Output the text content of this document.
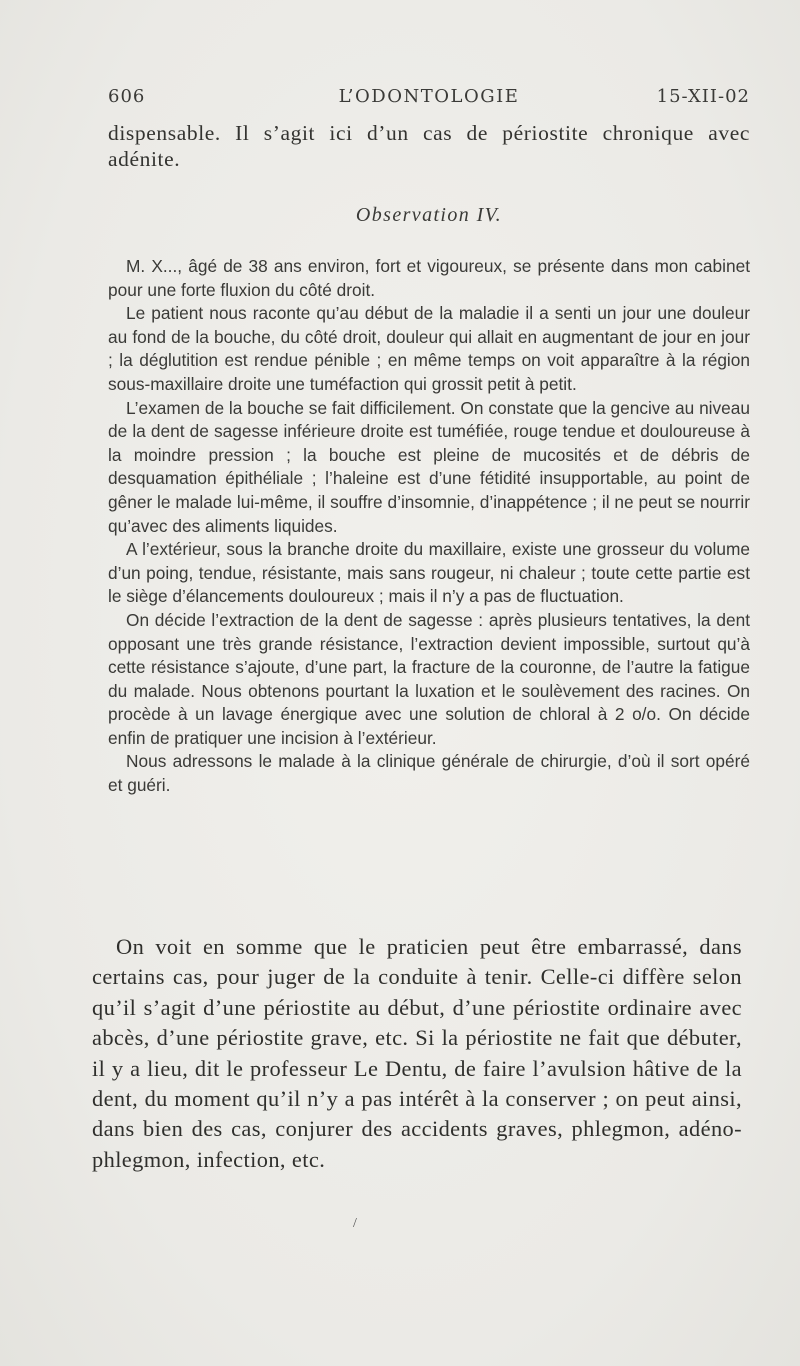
606	L’ODONTOLOGIE	15-XII-02
dispensable. Il s’agit ici d’un cas de périostite chronique avec adénite.
Observation IV.

M. X..., âgé de 38 ans environ, fort et vigoureux, se présente dans mon cabinet pour une forte fluxion du côté droit.

Le patient nous raconte qu’au début de la maladie il a senti un jour une douleur au fond de la bouche, du côté droit, douleur qui allait en augmentant de jour en jour ; la déglutition est rendue pénible ; en même temps on voit apparaître à la région sous-maxillaire droite une tuméfaction qui grossit petit à petit.

L’examen de la bouche se fait difficilement. On constate que la gencive au niveau de la dent de sagesse inférieure droite est tuméfiée, rouge tendue et douloureuse à la moindre pression ; la bouche est pleine de mucosités et de débris de desquamation épithéliale ; l’haleine est d’une fétidité insupportable, au point de gêner le malade lui-même, il souffre d’insomnie, d’inappétence ; il ne peut se nourrir qu’avec des aliments liquides.

A l’extérieur, sous la branche droite du maxillaire, existe une grosseur du volume d’un poing, tendue, résistante, mais sans rougeur, ni chaleur ; toute cette partie est le siège d’élancements douloureux ; mais il n’y a pas de fluctuation.

On décide l’extraction de la dent de sagesse : après plusieurs tentatives, la dent opposant une très grande résistance, l’extraction devient impossible, surtout qu’à cette résistance s’ajoute, d’une part, la fracture de la couronne, de l’autre la fatigue du malade. Nous obtenons pourtant la luxation et le soulèvement des racines. On procède à un lavage énergique avec une solution de chloral à 2 o/o. On décide enfin de pratiquer une incision à l’extérieur.

Nous adressons le malade à la clinique générale de chirurgie, d’où il sort opéré et guéri.

On voit en somme que le praticien peut être embarrassé, dans certains cas, pour juger de la conduite à tenir. Celle-ci diffère selon qu’il s’agit d’une périostite au début, d’une périostite ordinaire avec abcès, d’une périostite grave, etc. Si la périostite ne fait que débuter, il y a lieu, dit le professeur Le Dentu, de faire l’avulsion hâtive de la dent, du moment qu’il n’y a pas intérêt à la conserver ; on peut ainsi, dans bien des cas, conjurer des accidents graves, phlegmon, adéno-phlegmon, infection, etc.

/
